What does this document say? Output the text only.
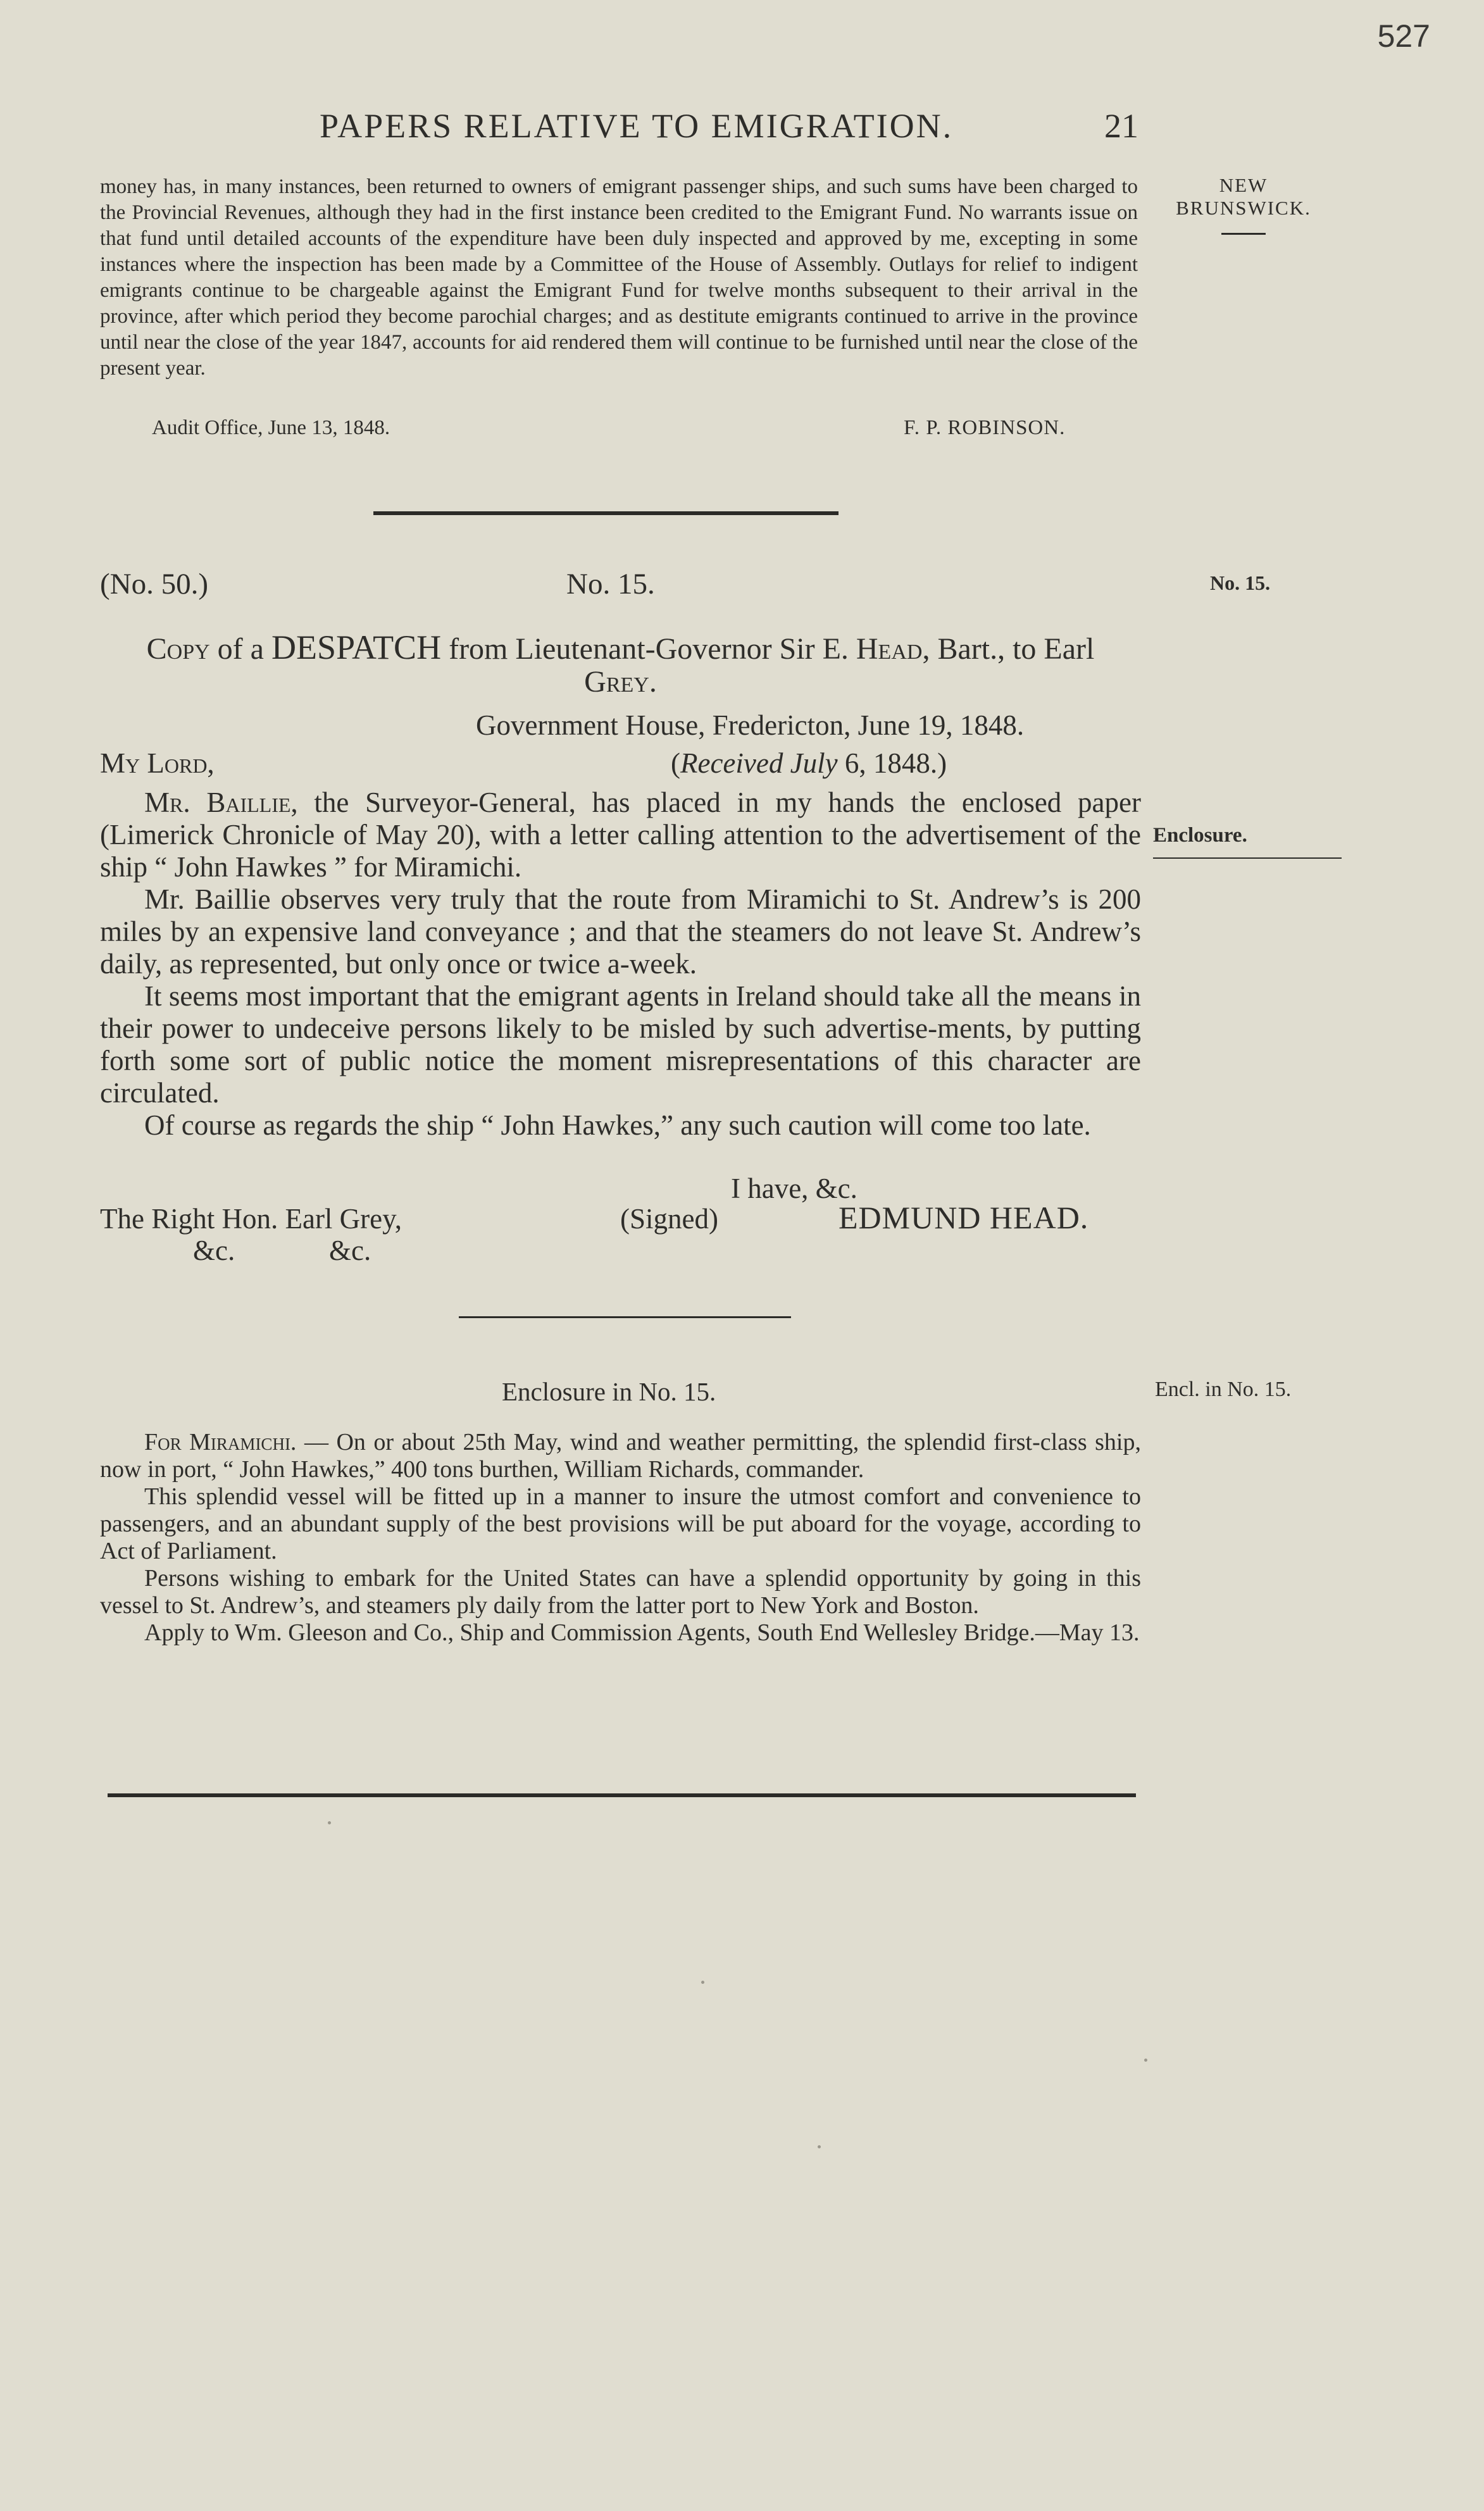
527
PAPERS RELATIVE TO EMIGRATION.	21

money has, in many instances, been returned to owners of emigrant passenger ships, and such sums have been charged to the Provincial Revenues, although they had in the first instance been credited to the Emigrant Fund. No warrants issue on that fund until detailed accounts of the expenditure have been duly inspected and approved by me, excepting in some instances where the inspection has been made by a Committee of the House of Assembly. Outlays for relief to indigent emigrants continue to be chargeable against the Emigrant Fund for twelve months subsequent to their arrival in the province, after which period they become parochial charges; and as destitute emigrants continued to arrive in the province until near the close of the year 1847, accounts for aid rendered them will continue to be furnished until near the close of the present year.

NEW
BRUNSWICK.
Audit Office, June 13, 1848.	F. P. ROBINSON.
(No. 50.)	No. 15.	No. 15.
Copy of a DESPATCH from Lieutenant-Governor Sir E. Head, Bart., to Earl
Grey.
Government House, Fredericton, June 19, 1848.
My Lord,	(Received July 6, 1848.)

Mr. Baillie, the Surveyor-General, has placed in my hands the enclosed paper (Limerick Chronicle of May 20), with a letter calling attention to the advertisement of the ship “ John Hawkes ” for Miramichi.

Mr. Baillie observes very truly that the route from Miramichi to St. Andrew’s is 200 miles by an expensive land conveyance ; and that the steamers do not leave St. Andrew’s daily, as represented, but only once or twice a-week.

It seems most important that the emigrant agents in Ireland should take all the means in their power to undeceive persons likely to be misled by such advertise-ments, by putting forth some sort of public notice the moment misrepresentations of this character are circulated.

Of course as regards the ship “ John Hawkes,” any such caution will come too late.

Enclosure.
I have, &c.
The Right Hon. Earl Grey,	(Signed)	EDMUND HEAD.
&c.	&c.
Enclosure in No. 15.	Encl. in No. 15.

For Miramichi. — On or about 25th May, wind and weather permitting, the splendid first-class ship, now in port, “ John Hawkes,” 400 tons burthen, William Richards, commander.

This splendid vessel will be fitted up in a manner to insure the utmost comfort and convenience to passengers, and an abundant supply of the best provisions will be put aboard for the voyage, according to Act of Parliament.

Persons wishing to embark for the United States can have a splendid opportunity by going in this vessel to St. Andrew’s, and steamers ply daily from the latter port to New York and Boston.

Apply to Wm. Gleeson and Co., Ship and Commission Agents, South End Wellesley Bridge.—May 13.
